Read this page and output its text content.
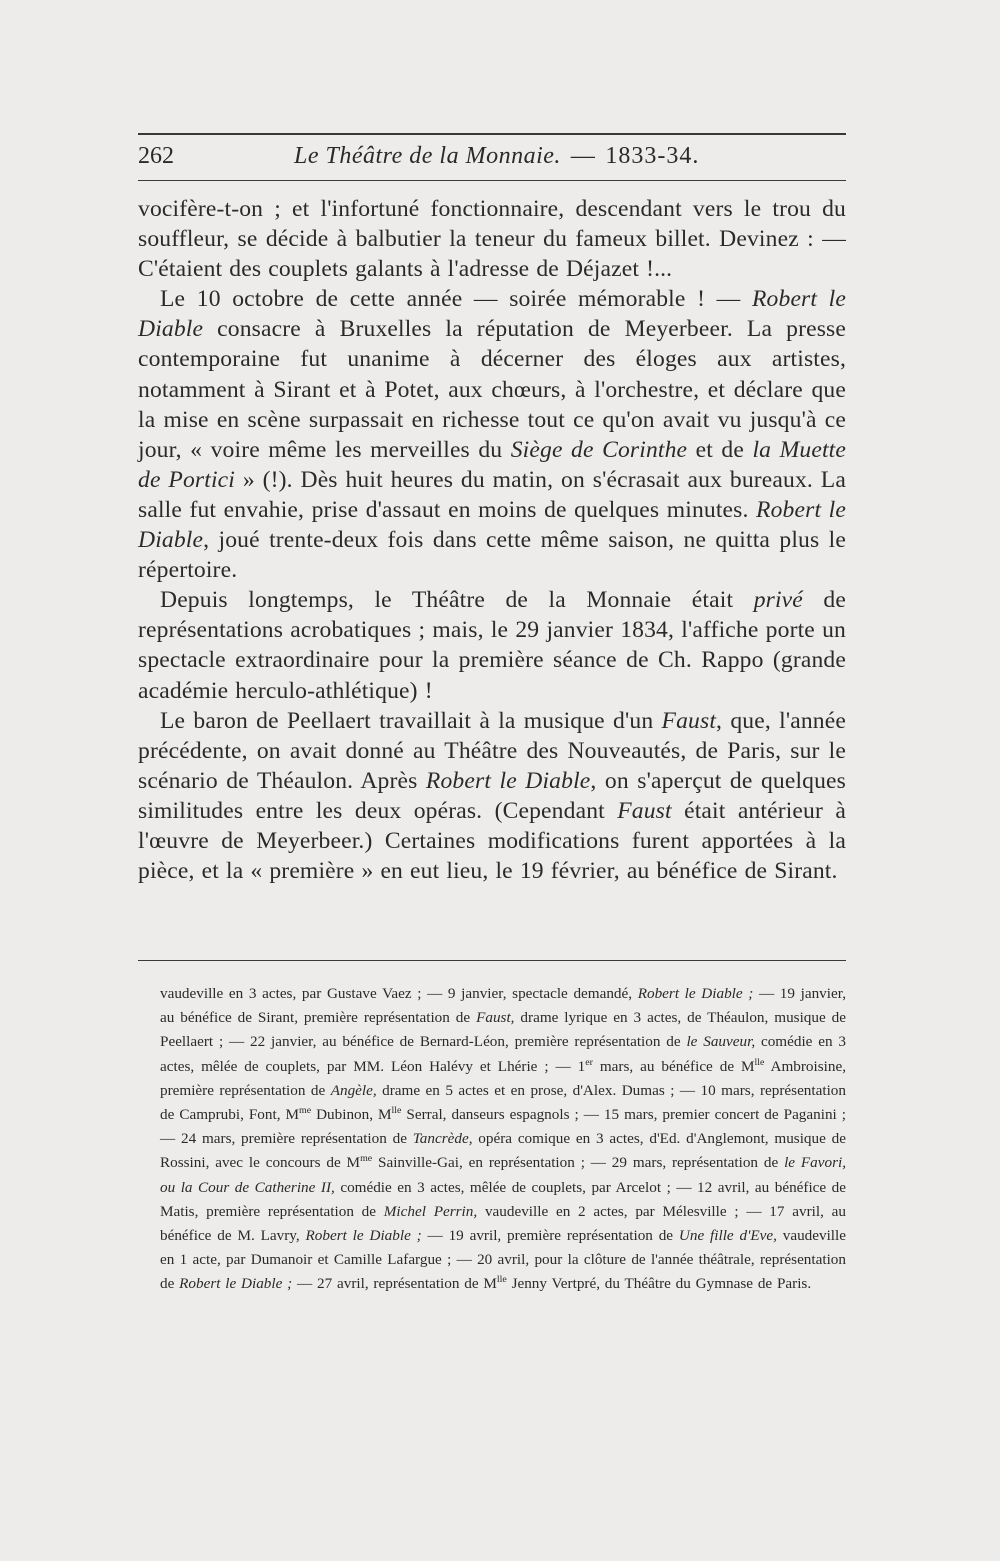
262	Le Théâtre de la Monnaie. — 1833-34.

vocifère-t-on ; et l'infortuné fonctionnaire, descendant vers le trou du souffleur, se décide à balbutier la teneur du fameux billet. Devinez : — C'étaient des couplets galants à l'adresse de Déjazet !...

Le 10 octobre de cette année — soirée mémorable ! — Robert le Diable consacre à Bruxelles la réputation de Meyerbeer. La presse contemporaine fut unanime à décerner des éloges aux artistes, notamment à Sirant et à Potet, aux chœurs, à l'orchestre, et déclare que la mise en scène surpassait en richesse tout ce qu'on avait vu jusqu'à ce jour, « voire même les merveilles du Siège de Corinthe et de la Muette de Portici » (!). Dès huit heures du matin, on s'écrasait aux bureaux. La salle fut envahie, prise d'assaut en moins de quelques minutes. Robert le Diable, joué trente-deux fois dans cette même saison, ne quitta plus le répertoire.

Depuis longtemps, le Théâtre de la Monnaie était privé de représentations acrobatiques ; mais, le 29 janvier 1834, l'affiche porte un spectacle extraordinaire pour la première séance de Ch. Rappo (grande académie herculo-athlétique) !

Le baron de Peellaert travaillait à la musique d'un Faust, que, l'année précédente, on avait donné au Théâtre des Nouveautés, de Paris, sur le scénario de Théaulon. Après Robert le Diable, on s'aperçut de quelques similitudes entre les deux opéras. (Cependant Faust était antérieur à l'œuvre de Meyerbeer.) Certaines modifications furent apportées à la pièce, et la « première » en eut lieu, le 19 février, au bénéfice de Sirant.

vaudeville en 3 actes, par Gustave Vaez ; — 9 janvier, spectacle demandé, Robert le Diable ; — 19 janvier, au bénéfice de Sirant, première représentation de Faust, drame lyrique en 3 actes, de Théaulon, musique de Peellaert ; — 22 janvier, au bénéfice de Bernard-Léon, première représentation de le Sauveur, comédie en 3 actes, mêlée de couplets, par MM. Léon Halévy et Lhérie ; — 1er mars, au bénéfice de $M^{lle}$ Ambroisine, première représentation de Angèle, drame en 5 actes et en prose, d'Alex. Dumas ; — 10 mars, représentation de Camprubi, Font, $M^{me}$ Dubinon, $M^{lle}$ Serral, danseurs espagnols ; — 15 mars, premier concert de Paganini ; — 24 mars, première représentation de Tancrède, opéra comique en 3 actes, d'Ed. d'Anglemont, musique de Rossini, avec le concours de $M^{me}$ Sainville-Gai, en représentation ; — 29 mars, représentation de le Favori, ou la Cour de Catherine II, comédie en 3 actes, mêlée de couplets, par Arcelot ; — 12 avril, au bénéfice de Matis, première représentation de Michel Perrin, vaudeville en 2 actes, par Mélesville ; — 17 avril, au bénéfice de M. Lavry, Robert le Diable ; — 19 avril, première représentation de Une fille d'Eve, vaudeville en 1 acte, par Dumanoir et Camille Lafargue ; — 20 avril, pour la clôture de l'année théâtrale, représentation de Robert le Diable ; — 27 avril, représentation de $M^{lle}$ Jenny Vertpré, du Théâtre du Gymnase de Paris.
